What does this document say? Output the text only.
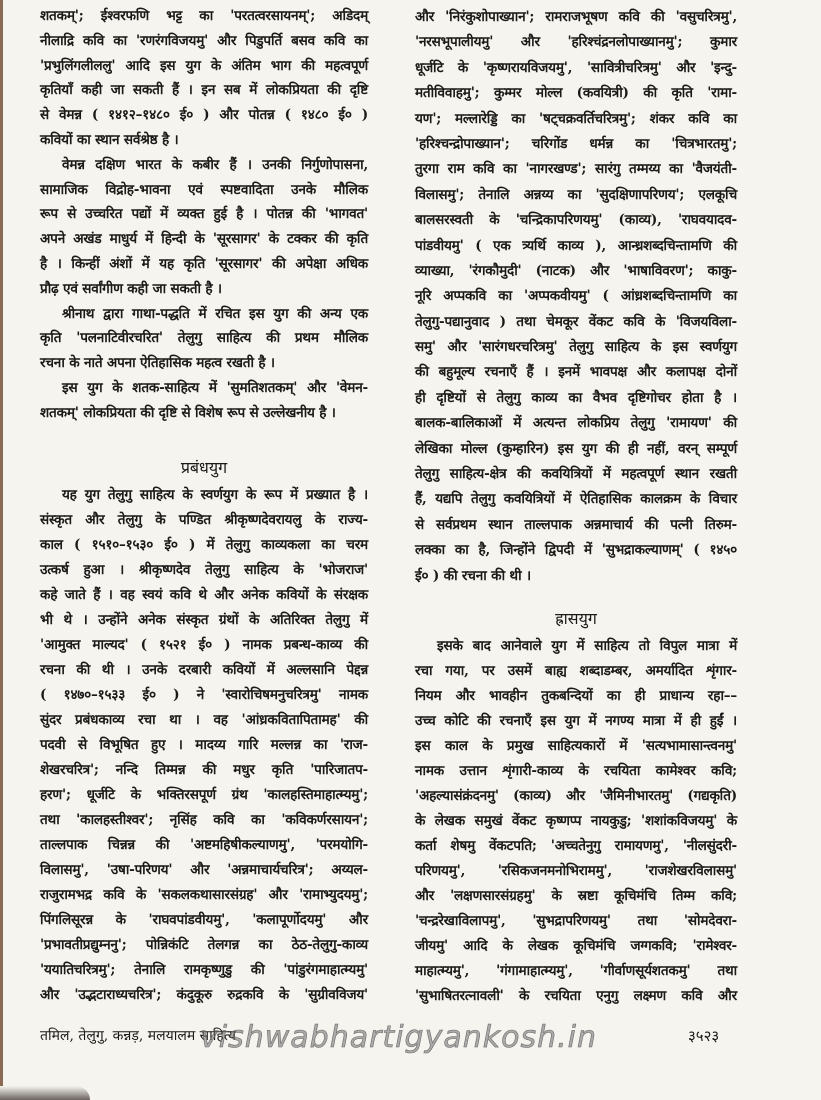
शतकम्'; ईश्वरफणि भट्ट का 'परतत्वरसायनम्'; अडिदम्
नीलाद्रि कवि का 'रणरंगविजयमु' और पिडुपर्ति बसव कवि का
'प्रभुलिंगलीललु' आदि इस युग के अंतिम भाग की महत्वपूर्ण
कृतियाँ कही जा सकती हैं । इन सब में लोकप्रियता की दृष्टि
से वेमन्न ( १४१२–१४८० ई० ) और पोतन्न ( १४८० ई० )
कवियों का स्थान सर्वश्रेष्ठ है ।
वेमन्न दक्षिण भारत के कबीर हैं । उनकी निर्गुणोपासना,
सामाजिक विद्रोह-भावना एवं स्पष्टवादिता उनके मौलिक
रूप से उच्चरित पद्यों में व्यक्त हुई है । पोतन्न की 'भागवत'
अपने अखंड माधुर्य में हिन्दी के 'सूरसागर' के टक्कर की कृति
है । किन्हीं अंशों में यह कृति 'सूरसागर' की अपेक्षा अधिक
प्रौढ़ एवं सर्वांगीण कही जा सकती है ।
श्रीनाथ द्वारा गाथा-पद्धति में रचित इस युग की अन्य एक
कृति 'पलनाटिवीरचरित' तेलुगु साहित्य की प्रथम मौलिक
रचना के नाते अपना ऐतिहासिक महत्व रखती है ।
इस युग के शतक-साहित्य में 'सुमतिशतकम्' और 'वेमन-
शतकम्' लोकप्रियता की दृष्टि से विशेष रूप से उल्लेखनीय है ।
प्रबंधयुग
यह युग तेलुगु साहित्य के स्वर्णयुग के रूप में प्रख्यात है ।
संस्कृत और तेलुगु के पण्डित श्रीकृष्णदेवरायलु के राज्य-
काल ( १५१०–१५३० ई० ) में तेलुगु काव्यकला का चरम
उत्कर्ष हुआ । श्रीकृष्णदेव तेलुगु साहित्य के 'भोजराज'
कहे जाते हैं । वह स्वयं कवि थे और अनेक कवियों के संरक्षक
भी थे । उन्होंने अनेक संस्कृत ग्रंथों के अतिरिक्त तेलुगु में
'आमुक्त माल्यद' ( १५२१ ई० ) नामक प्रबन्ध-काव्य की
रचना की थी । उनके दरबारी कवियों में अल्लसानि पेद्दन्न
( १४७०–१५३३ ई० ) ने 'स्वारोचिषमनुचरित्रमु' नामक
सुंदर प्रबंधकाव्य रचा था । वह 'आंध्रकवितापितामह' की
पदवी से विभूषित हुए । मादय्य गारि मल्लन्न का 'राज-
शेखरचरित्र'; नन्दि तिम्मन्न की मधुर कृति 'पारिजातप-
हरण'; धूर्जटि के भक्तिरसपूर्ण ग्रंथ 'कालहस्तिमाहात्म्यमु';
तथा 'कालहस्तीश्वर'; नृसिंह कवि का 'कविकर्णरसायन';
ताल्लपाक चिन्नन्न की 'अष्टमहिषीकल्याणमु', 'परमयोगि-
विलासमु', 'उषा-परिणय' और 'अन्नमाचार्यचरित्र'; अय्यल-
राजुरामभद्र कवि के 'सकलकथासारसंग्रह' और 'रामाभ्युदयमु';
पिंगलिसूरन्न के 'राघवपांडवीयमु', 'कलापूर्णोदयमु' और
'प्रभावतीप्रद्युम्ननु'; पोन्निकंटि तेलगन्न का ठेठ-तेलुगु-काव्य
'ययातिचरित्रमु'; तेनालि रामकृष्णुडु की 'पांडुरंगमाहात्म्यमु'
और 'उद्भटाराध्यचरित्र'; कंदुकूरु रुद्रकवि के 'सुग्रीवविजय'
और 'निरंकुशोपाख्यान'; रामराजभूषण कवि की 'वसुचरित्रमु',
'नरसभूपालीयमु' और 'हरिश्चंद्रनलोपाख्यानमु'; कुमार
धूर्जटि के 'कृष्णरायविजयमु', 'सावित्रीचरित्रमु' और 'इन्दु-
मतीविवाहमु'; कुम्मर मोल्ल (कवयित्री) की कृति 'रामा-
यण'; मल्लारेड्डि का 'षट्चक्रवर्तिचरित्रमु'; शंकर कवि का
'हरिश्चन्द्रोपाख्यान'; चरिगोंड धर्मन्न का 'चित्रभारतमु';
तुरगा राम कवि का 'नागरखण्ड'; सारंगु तम्मय्य का 'वैजयंती-
विलासमु'; तेनालि अन्नय्य का 'सुदक्षिणापरिणय'; एलकूचि
बालसरस्वती के 'चन्द्रिकापरिणयमु' (काव्य), 'राघवयादव-
पांडवीयमु' ( एक त्र्यर्थि काव्य ), आन्ध्रशब्दचिन्तामणि की
व्याख्या, 'रंगकौमुदी' (नाटक) और 'भाषाविवरण'; काकु-
नूरि अप्पकवि का 'अप्पकवीयमु' ( आंध्रशब्दचिन्तामणि का
तेलुगु-पद्यानुवाद ) तथा चेमकूर वेंकट कवि के 'विजयविला-
समु' और 'सारंगधरचरित्रमु' तेलुगु साहित्य के इस स्वर्णयुग
की बहुमूल्य रचनाएँ हैं । इनमें भावपक्ष और कलापक्ष दोनों
ही दृष्टियों से तेलुगु काव्य का वैभव दृष्टिगोचर होता है ।
बालक-बालिकाओं में अत्यन्त लोकप्रिय तेलुगु 'रामायण' की
लेखिका मोल्ल (कुम्हारिन) इस युग की ही नहीं, वरन् सम्पूर्ण
तेलुगु साहित्य-क्षेत्र की कवयित्रियों में महत्वपूर्ण स्थान रखती
हैं, यद्यपि तेलुगु कवयित्रियों में ऐतिहासिक कालक्रम के विचार
से सर्वप्रथम स्थान ताल्लपाक अन्नमाचार्य की पत्नी तिरुम-
लक्का का है, जिन्होंने द्विपदी में 'सुभद्राकल्याणम्' ( १४५०
ई० ) की रचना की थी ।
ह्रासयुग
इसके बाद आनेवाले युग में साहित्य तो विपुल मात्रा में
रचा गया, पर उसमें बाह्य शब्दाडम्बर, अमर्यादित शृंगार-
नियम और भावहीन तुकबन्दियों का ही प्राधान्य रहा––
उच्च कोटि की रचनाएँ इस युग में नगण्य मात्रा में ही हुईं ।
इस काल के प्रमुख साहित्यकारों में 'सत्यभामासान्त्वनमु'
नामक उत्तान शृंगारी-काव्य के रचयिता कामेश्वर कवि;
'अहल्यासंक्रंदनमु' (काव्य) और 'जैमिनीभारतमु' (गद्यकृति)
के लेखक समुखं वेंकट कृष्णप्प नायकुडु; 'शशांकविजयमु' के
कर्ता शेषमु वेंकटपति; 'अच्चतेनुगु रामायणमु', 'नीलसुंदरी-
परिणयमु', 'रसिकजनमनोभिराममु', 'राजशेखरविलासमु'
और 'लक्षणसारसंग्रहमु' के स्रष्टा कूचिमंचि तिम्म कवि;
'चन्द्ररेखाविलापमु', 'सुभद्रापरिणयमु' तथा 'सोमदेवरा-
जीयमु' आदि के लेखक कूचिमंचि जग्गकवि; 'रामेश्वर-
माहात्म्यमु', 'गंगामाहात्म्यमु', 'गीर्वाणसूर्यशतकमु' तथा
'सुभाषितरत्नावली' के रचयिता एनुगु लक्ष्मण कवि और
तमिल, तेलुगु, कन्नड़, मलयालम साहित्य
vishwabhartigyankosh.in	३५२३
